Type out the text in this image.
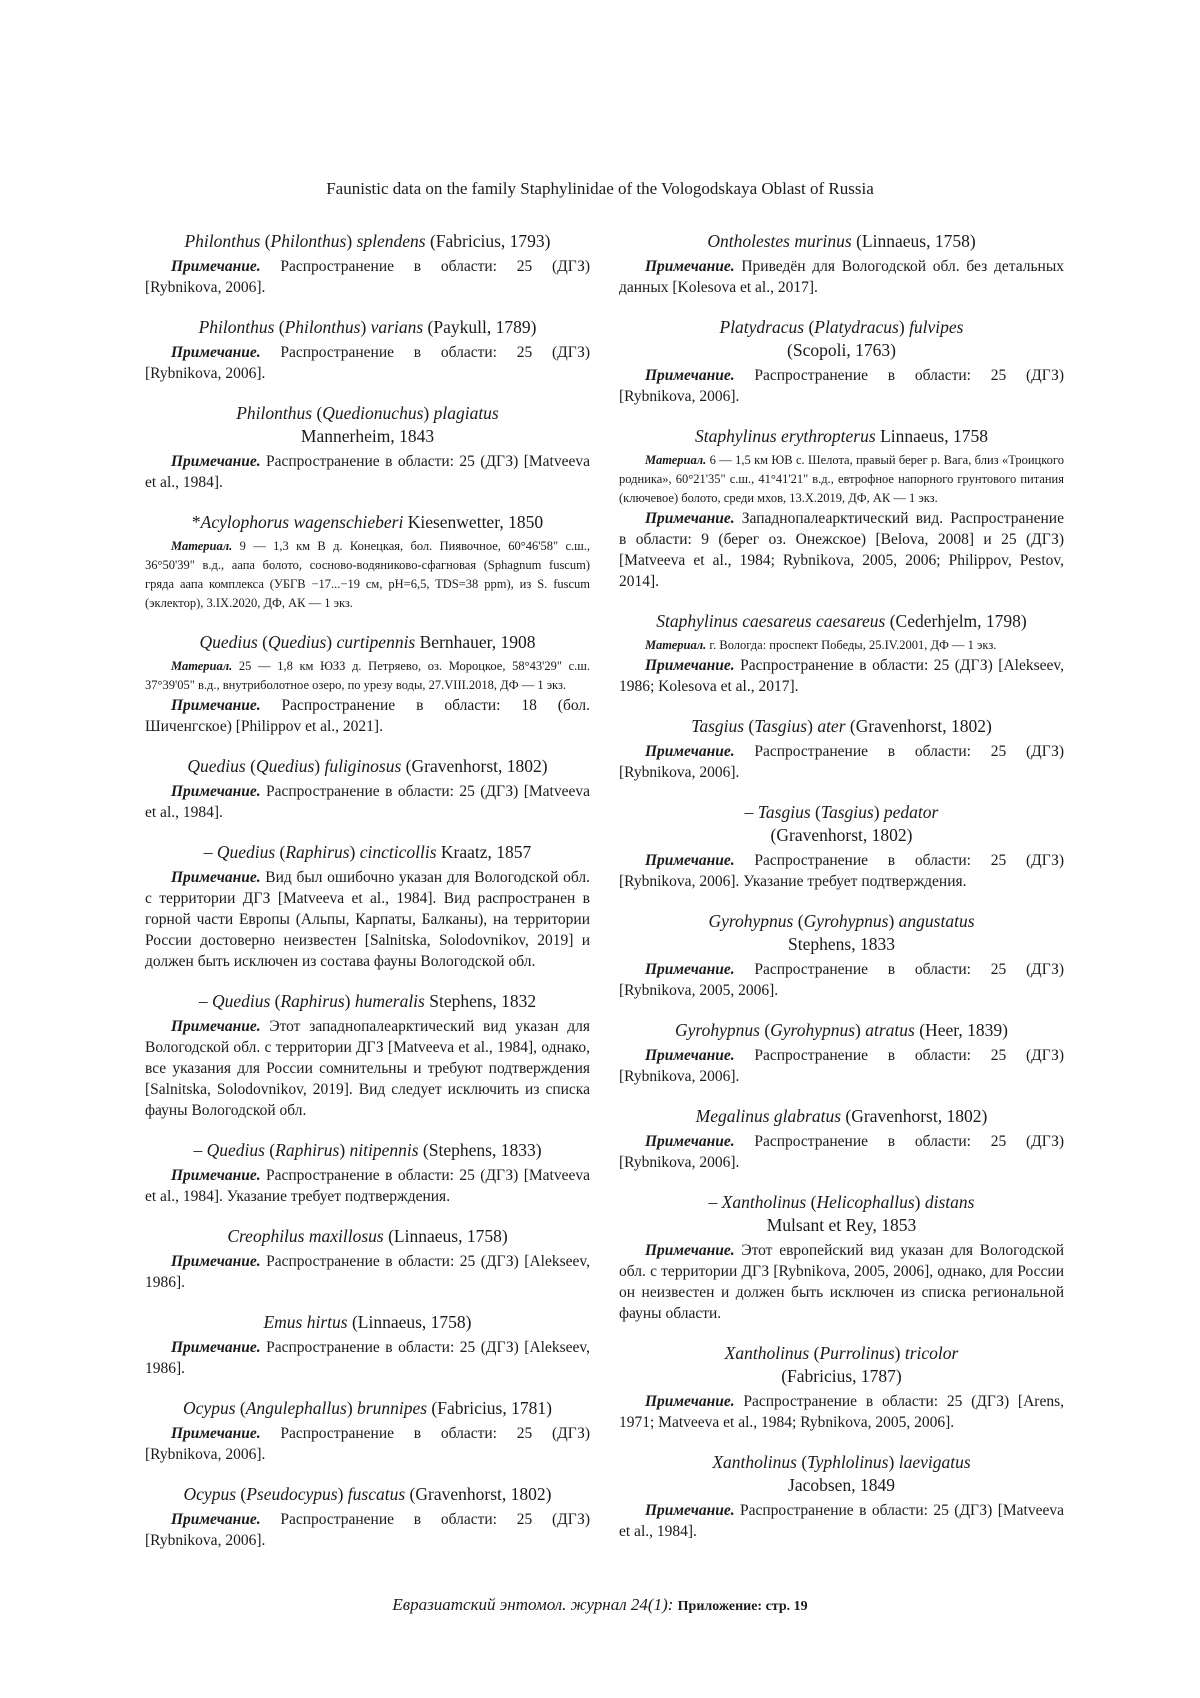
Faunistic data on the family Staphylinidae of the Vologodskaya Oblast of Russia
Philonthus (Philonthus) splendens (Fabricius, 1793)
Примечание. Распространение в области: 25 (ДГЗ) [Rybnikova, 2006].
Philonthus (Philonthus) varians (Paykull, 1789)
Примечание. Распространение в области: 25 (ДГЗ) [Rybnikova, 2006].
Philonthus (Quedionuchus) plagiatus
Mannerheim, 1843
Примечание. Распространение в области: 25 (ДГЗ) [Matveeva et al., 1984].
*Acylophorus wagenschieberi Kiesenwetter, 1850
Материал. 9 — 1,3 км В д. Конецкая, бол. Пиявочное, 60°46'58" с.ш., 36°50'39" в.д., аапа болото, сосново-водяниково-сфагновая (Sphagnum fuscum) гряда аапа комплекса (УБГВ −17...−19 см, pH=6,5, TDS=38 ppm), из S. fuscum (эклектор), 3.IX.2020, ДФ, АК — 1 экз.
Quedius (Quedius) curtipennis Bernhauer, 1908
Материал. 25 — 1,8 км ЮЗЗ д. Петряево, оз. Мороцкое, 58°43'29" с.ш. 37°39'05" в.д., внутриболотное озеро, по урезу воды, 27.VIII.2018, ДФ — 1 экз.
Примечание. Распространение в области: 18 (бол. Шиченгское) [Philippov et al., 2021].
Quedius (Quedius) fuliginosus (Gravenhorst, 1802)
Примечание. Распространение в области: 25 (ДГЗ) [Matveeva et al., 1984].
– Quedius (Raphirus) cincticollis Kraatz, 1857
Примечание. Вид был ошибочно указан для Вологодской обл. с территории ДГЗ [Matveeva et al., 1984]. Вид распространен в горной части Европы (Альпы, Карпаты, Балканы), на территории России достоверно неизвестен [Salnitska, Solodovnikov, 2019] и должен быть исключен из состава фауны Вологодской обл.
– Quedius (Raphirus) humeralis Stephens, 1832
Примечание. Этот западнопалеарктический вид указан для Вологодской обл. с территории ДГЗ [Matveeva et al., 1984], однако, все указания для России сомнительны и требуют подтверждения [Salnitska, Solodovnikov, 2019]. Вид следует исключить из списка фауны Вологодской обл.
– Quedius (Raphirus) nitipennis (Stephens, 1833)
Примечание. Распространение в области: 25 (ДГЗ) [Matveeva et al., 1984]. Указание требует подтверждения.
Creophilus maxillosus (Linnaeus, 1758)
Примечание. Распространение в области: 25 (ДГЗ) [Alekseev, 1986].
Emus hirtus (Linnaeus, 1758)
Примечание. Распространение в области: 25 (ДГЗ) [Alekseev, 1986].
Ocypus (Angulephallus) brunnipes (Fabricius, 1781)
Примечание. Распространение в области: 25 (ДГЗ) [Rybnikova, 2006].
Ocypus (Pseudocypus) fuscatus (Gravenhorst, 1802)
Примечание. Распространение в области: 25 (ДГЗ) [Rybnikova, 2006].
Ontholestes murinus (Linnaeus, 1758)
Примечание. Приведён для Вологодской обл. без детальных данных [Kolesova et al., 2017].
Platydracus (Platydracus) fulvipes
(Scopoli, 1763)
Примечание. Распространение в области: 25 (ДГЗ) [Rybnikova, 2006].
Staphylinus erythropterus Linnaeus, 1758
Материал. 6 — 1,5 км ЮВ с. Шелота, правый берег р. Вага, близ «Троицкого родника», 60°21'35" с.ш., 41°41'21" в.д., евтрофное напорного грунтового питания (ключевое) болото, среди мхов, 13.X.2019, ДФ, АК — 1 экз.
Примечание. Западнопалеарктический вид. Распространение в области: 9 (берег оз. Онежское) [Belova, 2008] и 25 (ДГЗ) [Matveeva et al., 1984; Rybnikova, 2005, 2006; Philippov, Pestov, 2014].
Staphylinus caesareus caesareus (Cederhjelm, 1798)
Материал. г. Вологда: проспект Победы, 25.IV.2001, ДФ — 1 экз.
Примечание. Распространение в области: 25 (ДГЗ) [Alekseev, 1986; Kolesova et al., 2017].
Tasgius (Tasgius) ater (Gravenhorst, 1802)
Примечание. Распространение в области: 25 (ДГЗ) [Rybnikova, 2006].
– Tasgius (Tasgius) pedator
(Gravenhorst, 1802)
Примечание. Распространение в области: 25 (ДГЗ) [Rybnikova, 2006]. Указание требует подтверждения.
Gyrohypnus (Gyrohypnus) angustatus
Stephens, 1833
Примечание. Распространение в области: 25 (ДГЗ) [Rybnikova, 2005, 2006].
Gyrohypnus (Gyrohypnus) atratus (Heer, 1839)
Примечание. Распространение в области: 25 (ДГЗ) [Rybnikova, 2006].
Megalinus glabratus (Gravenhorst, 1802)
Примечание. Распространение в области: 25 (ДГЗ) [Rybnikova, 2006].
– Xantholinus (Helicophallus) distans
Mulsant et Rey, 1853
Примечание. Этот европейский вид указан для Вологодской обл. с территории ДГЗ [Rybnikova, 2005, 2006], однако, для России он неизвестен и должен быть исключен из списка региональной фауны области.
Xantholinus (Purrolinus) tricolor
(Fabricius, 1787)
Примечание. Распространение в области: 25 (ДГЗ) [Arens, 1971; Matveeva et al., 1984; Rybnikova, 2005, 2006].
Xantholinus (Typhlolinus) laevigatus
Jacobsen, 1849
Примечание. Распространение в области: 25 (ДГЗ) [Matveeva et al., 1984].
Евразиатский энтомол. журнал 24(1): Приложение: стр. 19
